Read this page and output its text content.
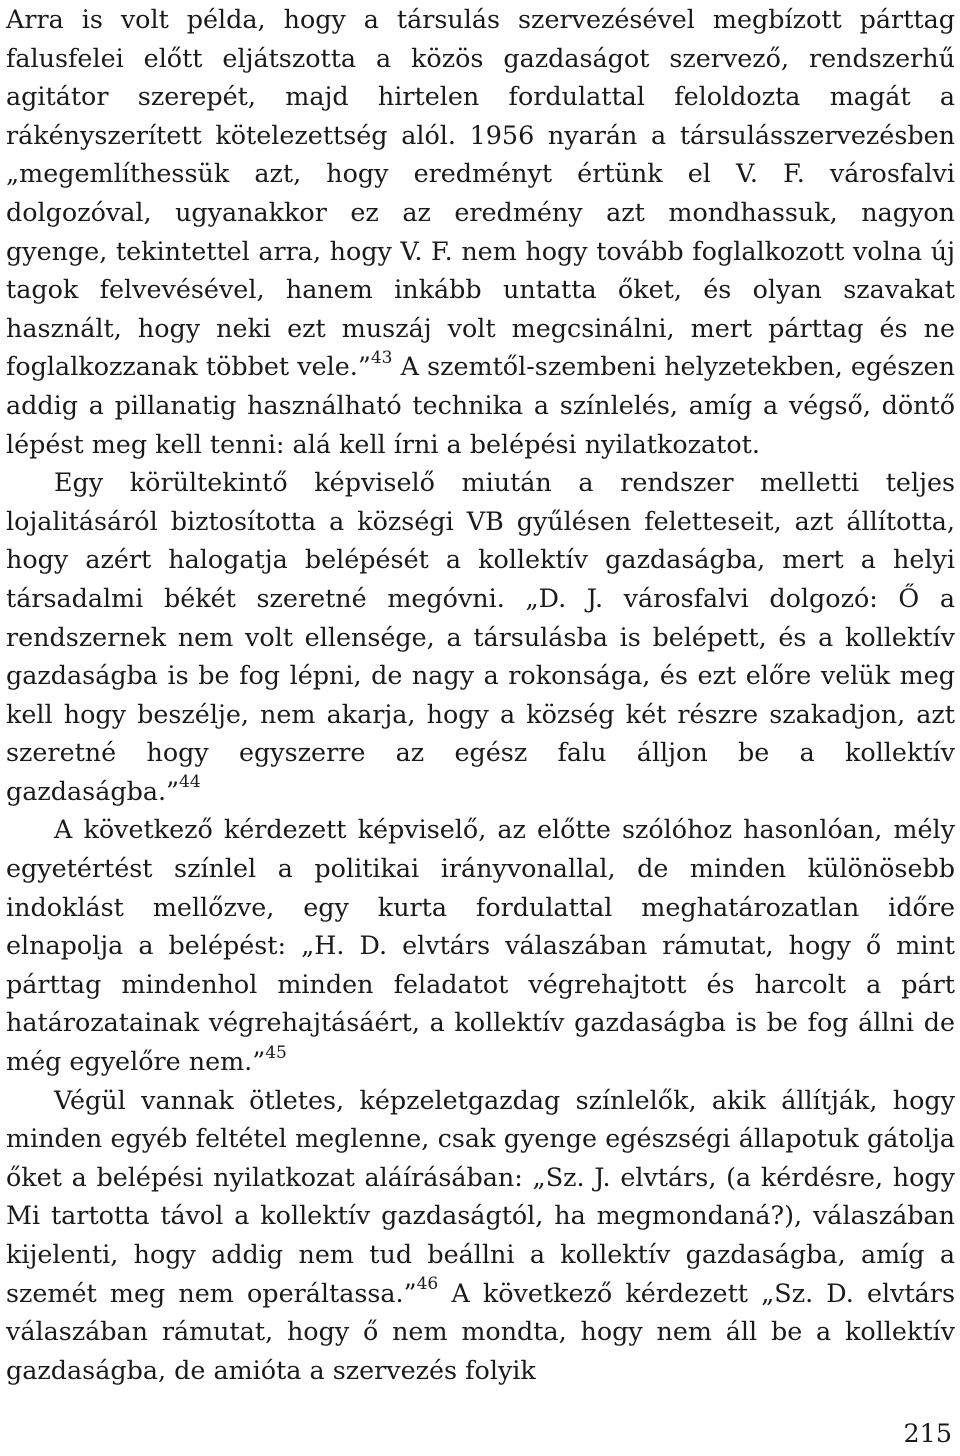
Arra is volt példa, hogy a társulás szervezésével megbízott párttag falusfelei előtt eljátszotta a közös gazdaságot szervező, rendszerhű agitátor szerepét, majd hirtelen fordulattal feloldozta magát a rákényszerített kötelezettség alól. 1956 nyarán a társulásszervezésben „megemlíthessük azt, hogy eredményt értünk el V. F. városfalvi dolgozóval, ugyanakkor ez az eredmény azt mondhassuk, nagyon gyenge, tekintettel arra, hogy V. F. nem hogy tovább foglalkozott volna új tagok felvevésével, hanem inkább untatta őket, és olyan szavakat használt, hogy neki ezt muszáj volt megcsinálni, mert párttag és ne foglalkozzanak többet vele.”$^{43}$ A szemtől-szembeni helyzetekben, egészen addig a pillanatig használható technika a színlelés, amíg a végső, döntő lépést meg kell tenni: alá kell írni a belépési nyilatkozatot.

Egy körültekintő képviselő miután a rendszer melletti teljes lojalitásáról biztosította a községi VB gyűlésen feletteseit, azt állította, hogy azért halogatja belépését a kollektív gazdaságba, mert a helyi társadalmi békét szeretné megóvni. „D. J. városfalvi dolgozó: Ő a rendszernek nem volt ellensége, a társulásba is belépett, és a kollektív gazdaságba is be fog lépni, de nagy a rokonsága, és ezt előre velük meg kell hogy beszélje, nem akarja, hogy a község két részre szakadjon, azt szeretné hogy egyszerre az egész falu álljon be a kollektív gazdaságba.”$^{44}$

A következő kérdezett képviselő, az előtte szólóhoz hasonlóan, mély egyetértést színlel a politikai irányvonallal, de minden különösebb indoklást mellőzve, egy kurta fordulattal meghatározatlan időre elnapolja a belépést: „H. D. elvtárs válaszában rámutat, hogy ő mint párttag mindenhol minden feladatot végrehajtott és harcolt a párt határozatainak végrehajtásáért, a kollektív gazdaságba is be fog állni de még egyelőre nem.”$^{45}$

Végül vannak ötletes, képzeletgazdag színlelők, akik állítják, hogy minden egyéb feltétel meglenne, csak gyenge egészségi állapotuk gátolja őket a belépési nyilatkozat aláírásában: „Sz. J. elvtárs, (a kérdésre, hogy Mi tartotta távol a kollektív gazdaságtól, ha megmondaná?), válaszában kijelenti, hogy addig nem tud beállni a kollektív gazdaságba, amíg a szemét meg nem operáltassa.”$^{46}$ A következő kérdezett „Sz. D. elvtárs válaszában rámutat, hogy ő nem mondta, hogy nem áll be a kollektív gazdaságba, de amióta a szervezés folyik

215
